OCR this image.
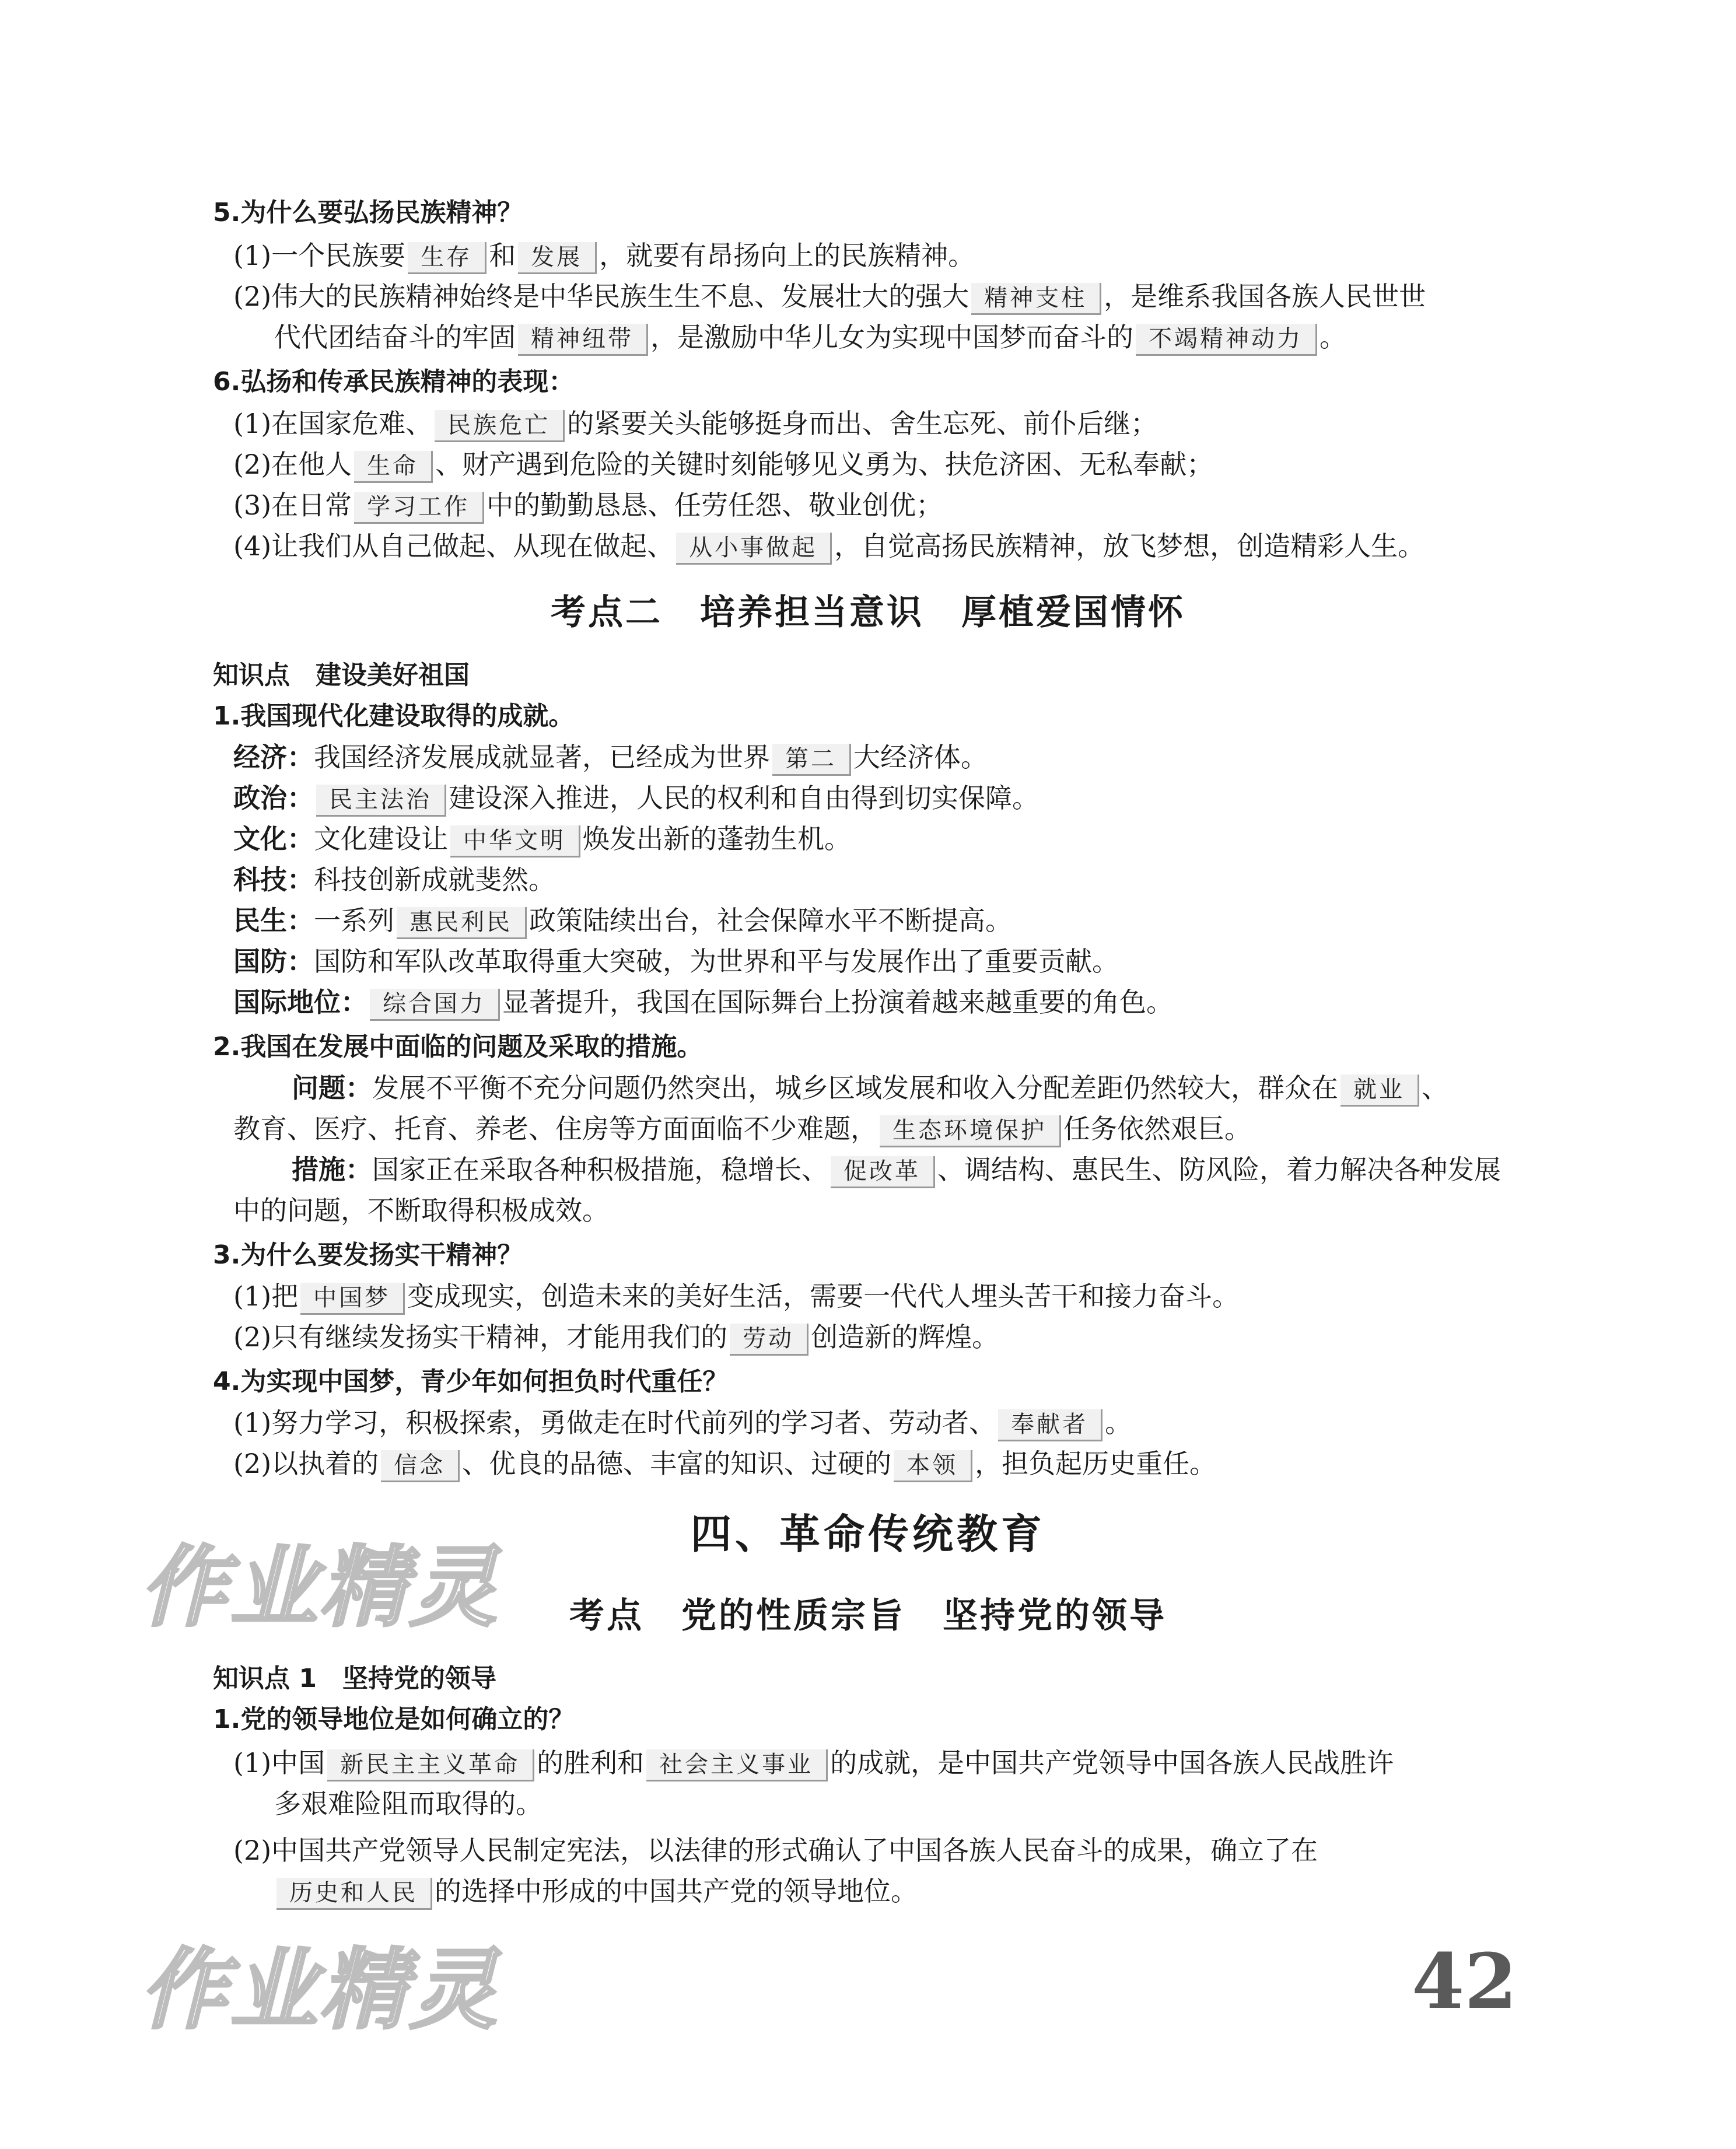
5.为什么要弘扬民族精神？
(1)一个民族要 生存 和 发展 ，就要有昂扬向上的民族精神。
(2)伟大的民族精神始终是中华民族生生不息、发展壮大的强大 精神支柱 ，是维系我国各族人民世世
代代团结奋斗的牢固 精神纽带 ，是激励中华儿女为实现中国梦而奋斗的 不竭精神动力 。
6.弘扬和传承民族精神的表现：
(1)在国家危难、 民族危亡 的紧要关头能够挺身而出、舍生忘死、前仆后继；
(2)在他人 生命 、财产遇到危险的关键时刻能够见义勇为、扶危济困、无私奉献；
(3)在日常 学习工作 中的勤勤恳恳、任劳任怨、敬业创优；
(4)让我们从自己做起、从现在做起、 从小事做起 ，自觉高扬民族精神，放飞梦想，创造精彩人生。
考点二　培养担当意识　厚植爱国情怀
知识点　建设美好祖国
1.我国现代化建设取得的成就。
经济：我国经济发展成就显著，已经成为世界 第二 大经济体。
政治： 民主法治 建设深入推进，人民的权利和自由得到切实保障。
文化：文化建设让 中华文明 焕发出新的蓬勃生机。
科技：科技创新成就斐然。
民生：一系列 惠民利民 政策陆续出台，社会保障水平不断提高。
国防：国防和军队改革取得重大突破，为世界和平与发展作出了重要贡献。
国际地位： 综合国力 显著提升，我国在国际舞台上扮演着越来越重要的角色。
2.我国在发展中面临的问题及采取的措施。
问题：发展不平衡不充分问题仍然突出，城乡区域发展和收入分配差距仍然较大，群众在 就业 、
教育、医疗、托育、养老、住房等方面面临不少难题， 生态环境保护 任务依然艰巨。
措施：国家正在采取各种积极措施，稳增长、 促改革 、调结构、惠民生、防风险，着力解决各种发展
中的问题，不断取得积极成效。
3.为什么要发扬实干精神？
(1)把 中国梦 变成现实，创造未来的美好生活，需要一代代人埋头苦干和接力奋斗。
(2)只有继续发扬实干精神，才能用我们的 劳动 创造新的辉煌。
4.为实现中国梦，青少年如何担负时代重任？
(1)努力学习，积极探索，勇做走在时代前列的学习者、劳动者、 奉献者 。
(2)以执着的 信念 、优良的品德、丰富的知识、过硬的 本领 ，担负起历史重任。
四、革命传统教育
考点　党的性质宗旨　坚持党的领导
知识点 1　坚持党的领导
1.党的领导地位是如何确立的？
(1)中国 新民主主义革命 的胜利和 社会主义事业 的成就，是中国共产党领导中国各族人民战胜许
多艰难险阻而取得的。
(2)中国共产党领导人民制定宪法，以法律的形式确认了中国各族人民奋斗的成果，确立了在
历史和人民 的选择中形成的中国共产党的领导地位。
作业精灵
作业精灵	42
